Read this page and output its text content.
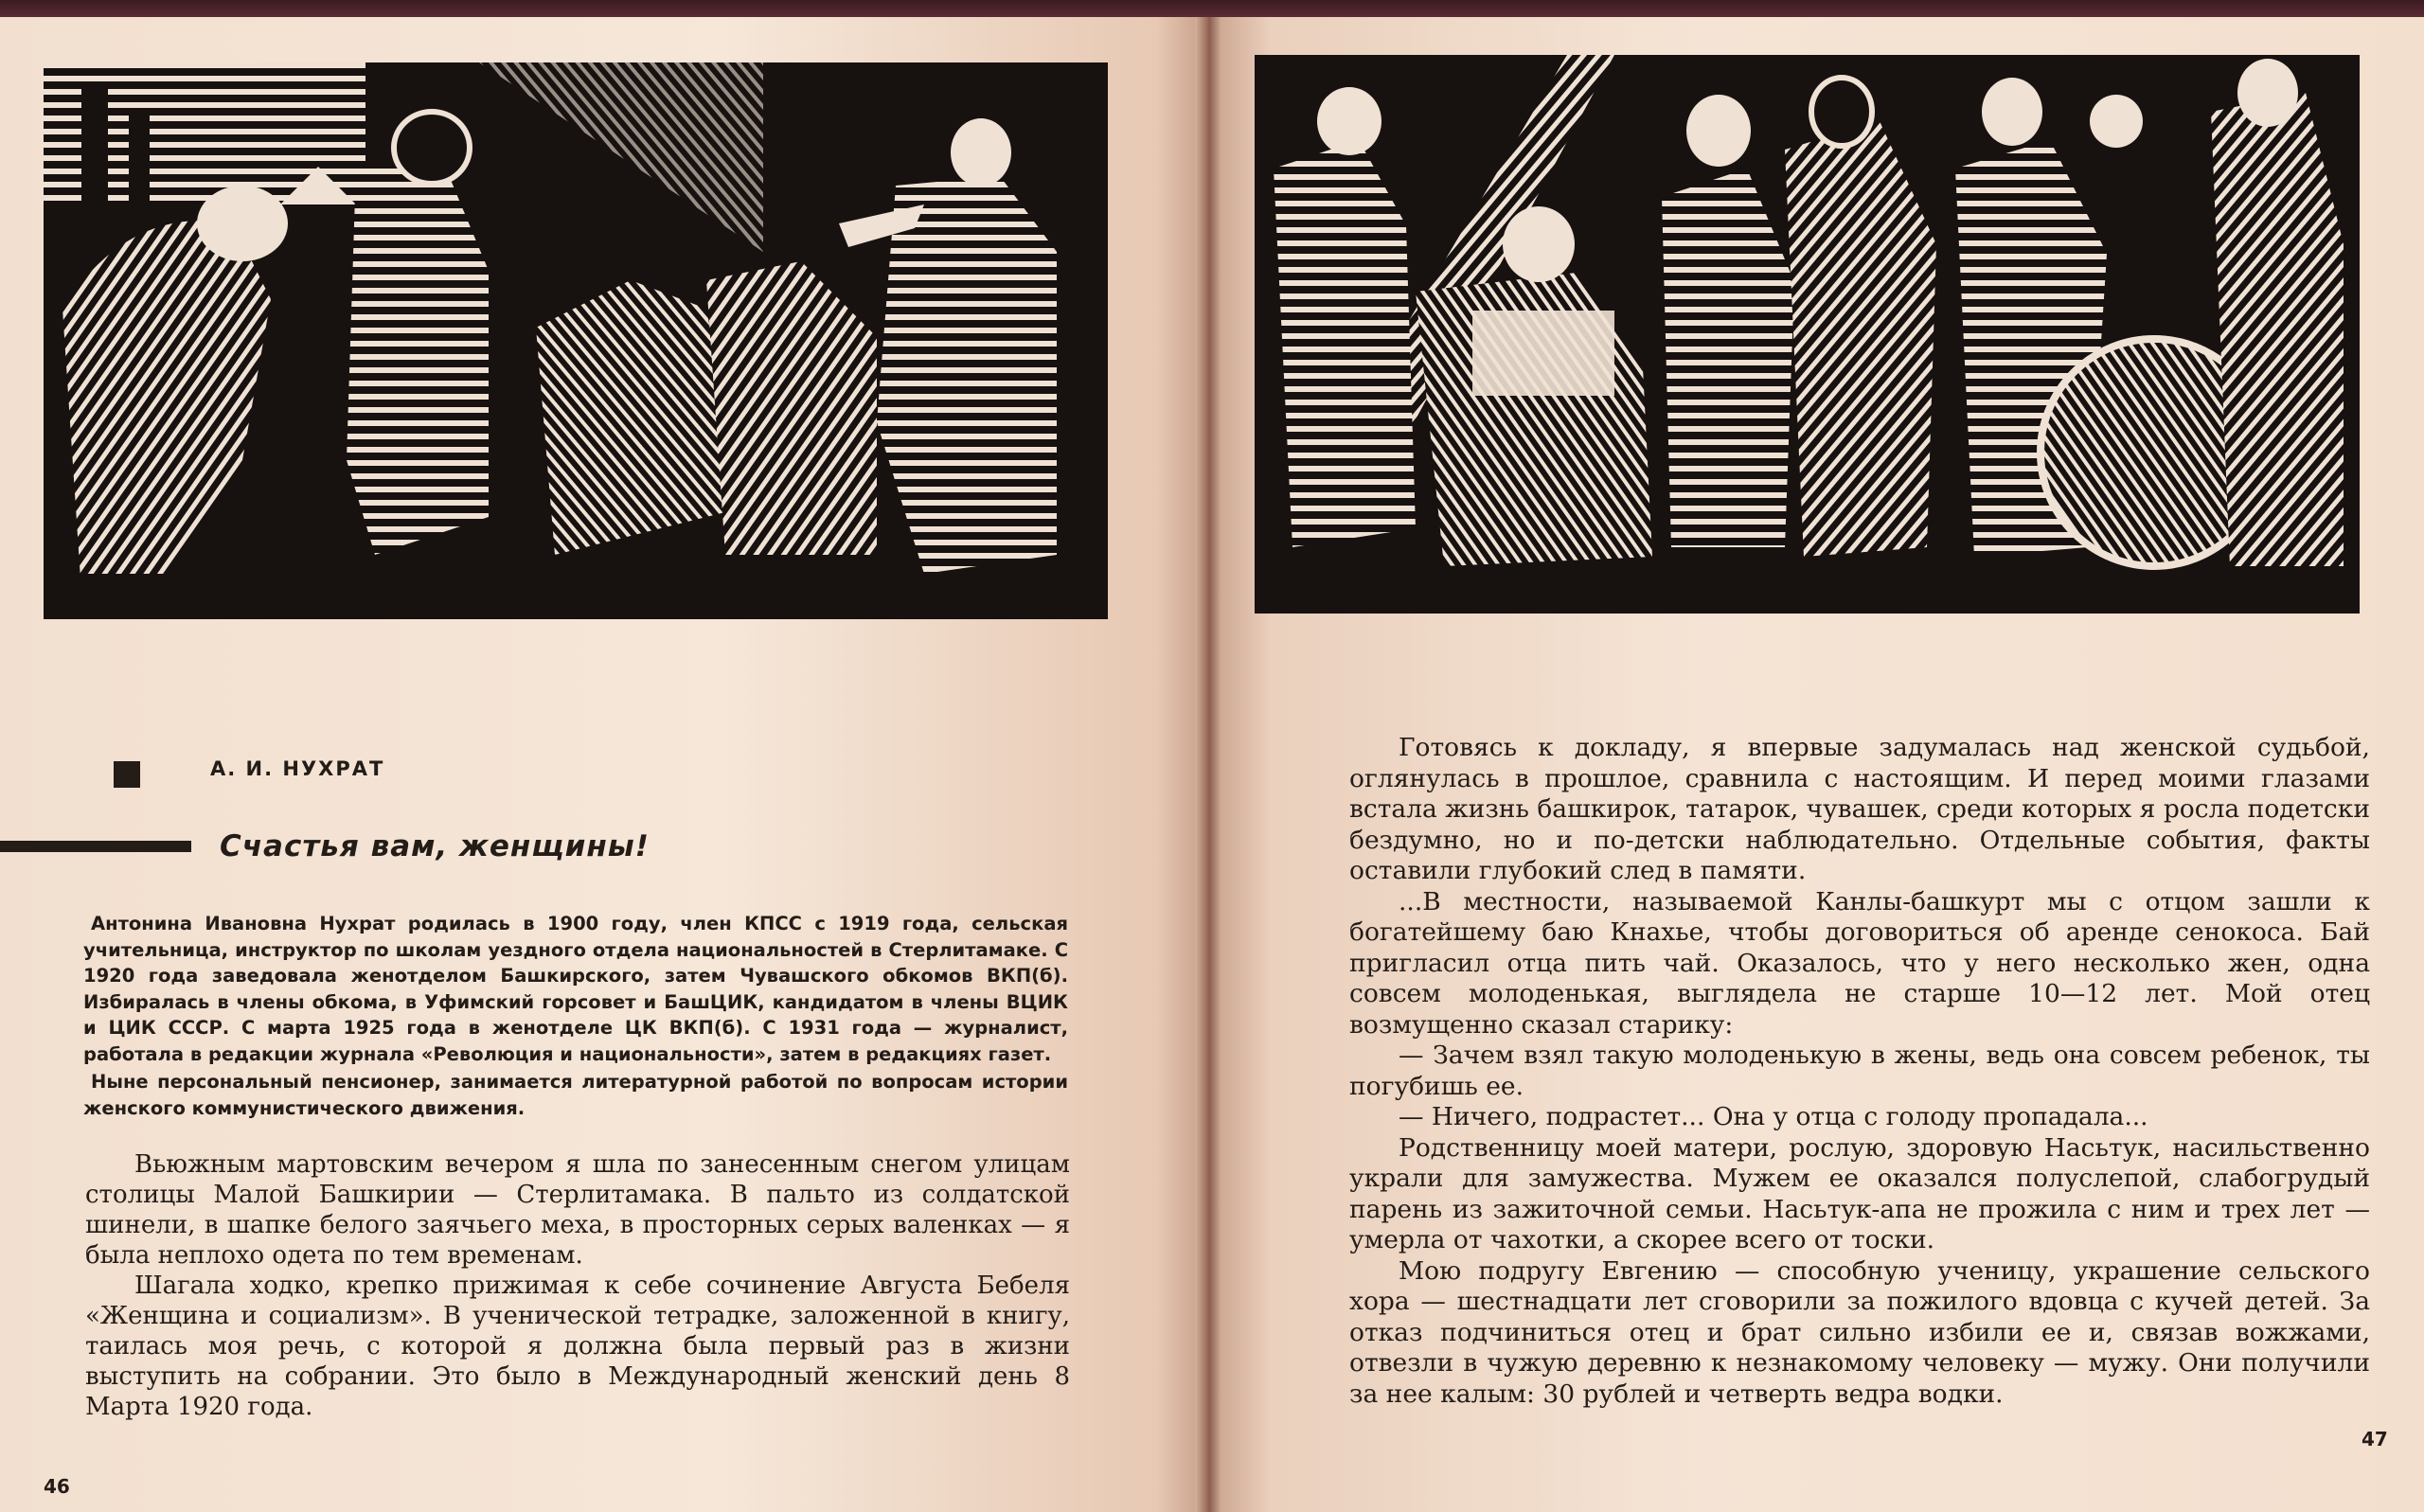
А. И. НУХРАТ
Счастья вам, женщины!

Антонина Ивановна Нухрат родилась в 1900 году, член КПСС с 1919 года, сельская учительница, инструктор по школам уездного отдела национальностей в Стерлитамаке. С 1920 года заведовала женотделом Башкирского, затем Чувашского обкомов ВКП(б). Избиралась в члены обкома, в Уфимский горсовет и БашЦИК, кандидатом в члены ВЦИК и ЦИК СССР. С марта 1925 года в женотделе ЦК ВКП(б). С 1931 года — журналист, работала в редакции журнала «Революция и национальности», затем в редакциях газет.

Ныне персональный пенсионер, занимается литературной работой по вопросам истории женского коммунистического движения.

Вьюжным мартовским вечером я шла по занесенным снегом улицам столицы Малой Башкирии — Стерлитамака. В пальто из солдатской шинели, в шапке белого заячьего меха, в просторных серых валенках — я была неплохо одета по тем временам.

Шагала ходко, крепко прижимая к себе сочинение Августа Бебеля «Женщина и социализм». В ученической тетрадке, заложенной в книгу, таилась моя речь, с которой я должна была первый раз в жизни выступить на собрании. Это было в Международный женский день 8 Марта 1920 года.

Готовясь к докладу, я впервые задумалась над женской судьбой, оглянулась в прошлое, сравнила с настоящим. И перед моими глазами встала жизнь башкирок, татарок, чувашек, среди которых я росла подетски бездумно, но и по-детски наблюдательно. Отдельные события, факты оставили глубокий след в памяти.

...В местности, называемой Канлы-башкурт мы с отцом зашли к богатейшему баю Кнахье, чтобы договориться об аренде сенокоса. Бай пригласил отца пить чай. Оказалось, что у него несколько жен, одна совсем молоденькая, выглядела не старше 10—12 лет. Мой отец возмущенно сказал старику:

— Зачем взял такую молоденькую в жены, ведь она совсем ребенок, ты погубишь ее.

— Ничего, подрастет... Она у отца с голоду пропадала...

Родственницу моей матери, рослую, здоровую Насьтук, насильственно украли для замужества. Мужем ее оказался полуслепой, слабогрудый парень из зажиточной семьи. Насьтук-апа не прожила с ним и трех лет — умерла от чахотки, а скорее всего от тоски.

Мою подругу Евгению — способную ученицу, украшение сельского хора — шестнадцати лет сговорили за пожилого вдовца с кучей детей. За отказ подчиниться отец и брат сильно избили ее и, связав вожжами, отвезли в чужую деревню к незнакомому человеку — мужу. Они получили за нее калым: 30 рублей и четверть ведра водки.

46
47
